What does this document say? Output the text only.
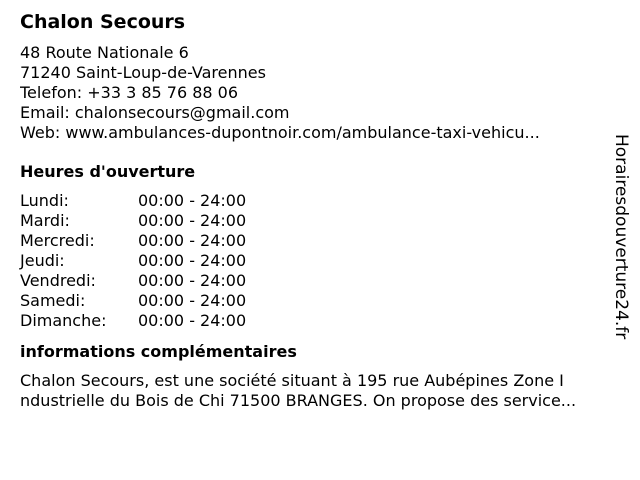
Chalon Secours
48 Route Nationale 6
71240 Saint-Loup-de-Varennes
Telefon: +33 3 85 76 88 06
Email: chalonsecours@gmail.com
Web: www.ambulances-dupontnoir.com/ambulance-taxi-vehicu...
Heures d'ouverture
Lundi:	00:00 - 24:00
Mardi:	00:00 - 24:00
Mercredi:	00:00 - 24:00
Jeudi:	00:00 - 24:00
Vendredi:	00:00 - 24:00
Samedi:	00:00 - 24:00
Dimanche:	00:00 - 24:00
informations complémentaires
Chalon Secours, est une société situant à 195 rue Aubépines Zone I
ndustrielle du Bois de Chi 71500 BRANGES. On propose des service...
Horairesdouverture24.fr
